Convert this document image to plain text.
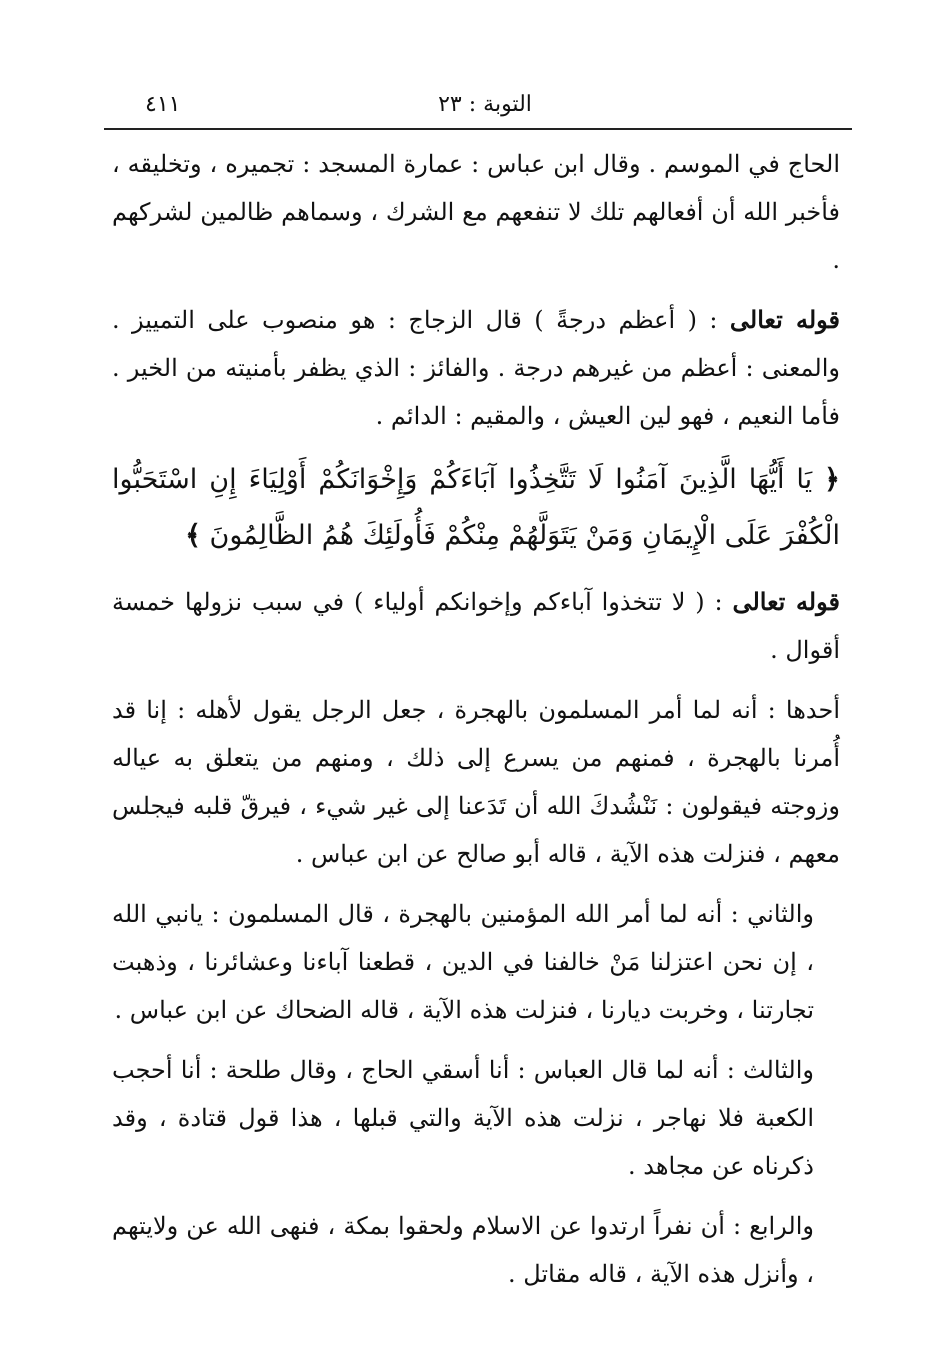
٤١١	التوبة : ٢٣

الحاج في الموسم . وقال ابن عباس : عمارة المسجد : تجميره ، وتخليقه ، فأخبر الله أن أفعالهم تلك لا تنفعهم مع الشرك ، وسماهم ظالمين لشركهم .

قوله تعالى : ( أعظم درجةً ) قال الزجاج : هو منصوب على التمييز . والمعنى : أعظم من غيرهم درجة . والفائز : الذي يظفر بأمنيته من الخير . فأما النعيم ، فهو لين العيش ، والمقيم : الدائم .

﴿ يَا أَيُّهَا الَّذِينَ آمَنُوا لَا تَتَّخِذُوا آبَاءَكُمْ وَإِخْوَانَكُمْ أَوْلِيَاءَ إِنِ اسْتَحَبُّوا الْكُفْرَ عَلَى الْإِيمَانِ وَمَنْ يَتَوَلَّهُمْ مِنْكُمْ فَأُولَئِكَ هُمُ الظَّالِمُونَ ﴾

قوله تعالى : ( لا تتخذوا آباءكم وإخوانكم أولياء ) في سبب نزولها خمسة أقوال .

أحدها : أنه لما أمر المسلمون بالهجرة ، جعل الرجل يقول لأهله : إنا قد أُمرنا بالهجرة ، فمنهم من يسرع إلى ذلك ، ومنهم من يتعلق به عياله وزوجته فيقولون : نَنْشُدكَ الله أن تَدَعنا إلى غير شيء ، فيرقّ قلبه فيجلس معهم ، فنزلت هذه الآية ، قاله أبو صالح عن ابن عباس .

والثاني : أنه لما أمر الله المؤمنين بالهجرة ، قال المسلمون : يانبي الله ، إن نحن اعتزلنا مَنْ خالفنا في الدين ، قطعنا آباءنا وعشائرنا ، وذهبت تجارتنا ، وخربت ديارنا ، فنزلت هذه الآية ، قاله الضحاك عن ابن عباس .

والثالث : أنه لما قال العباس : أنا أسقي الحاج ، وقال طلحة : أنا أحجب الكعبة فلا نهاجر ، نزلت هذه الآية والتي قبلها ، هذا قول قتادة ، وقد ذكرناه عن مجاهد .

والرابع : أن نفراً ارتدوا عن الاسلام ولحقوا بمكة ، فنهى الله عن ولايتهم ، وأنزل هذه الآية ، قاله مقاتل .
